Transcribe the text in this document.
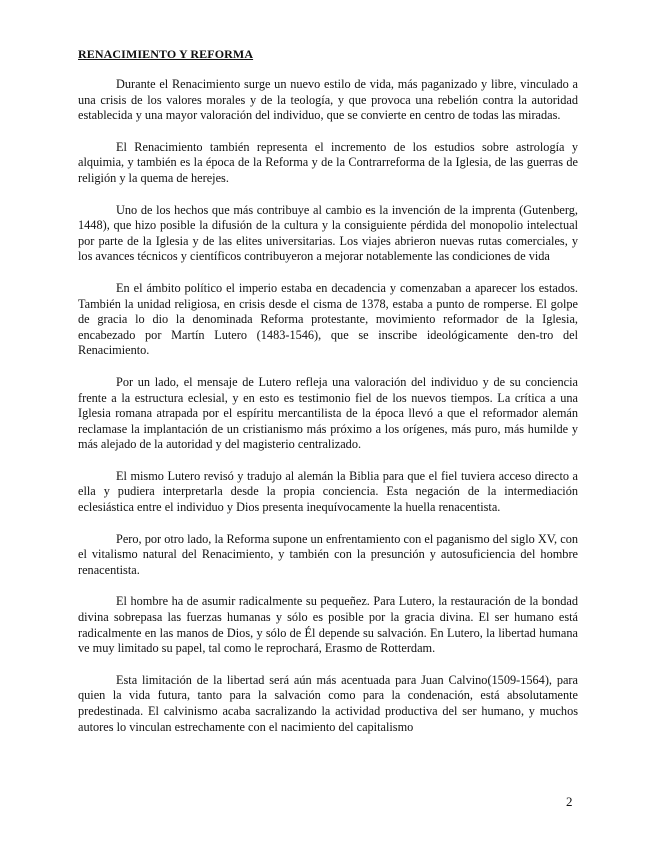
RENACIMIENTO Y REFORMA

Durante el Renacimiento surge un nuevo estilo de vida, más paganizado y libre, vinculado a una crisis de los valores morales y de la teología, y que provoca una rebelión contra la autoridad establecida y una mayor valoración del individuo, que se convierte en centro de todas las miradas.

El Renacimiento también representa el incremento de los estudios sobre astrología y alquimia, y también es la época de la Reforma y de la Contrarreforma de la Iglesia, de las guerras de religión y la quema de herejes.

Uno de los hechos que más contribuye al cambio es la invención de la imprenta (Gutenberg, 1448), que hizo posible la difusión de la cultura y la consiguiente pérdida del monopolio intelectual por parte de la Iglesia y de las elites universitarias. Los viajes abrieron nuevas rutas comerciales, y los avances técnicos y científicos contribuyeron a mejorar notablemente las condiciones de vida

En el ámbito político el imperio estaba en decadencia y comenzaban a aparecer los estados. También la unidad religiosa, en crisis desde el cisma de 1378, estaba a punto de romperse. El golpe de gracia lo dio la denominada Reforma protestante, movimiento reformador de la Iglesia, encabezado por Martín Lutero (1483-1546), que se inscribe ideológicamente den-tro del Renacimiento.

Por un lado, el mensaje de Lutero refleja una valoración del individuo y de su conciencia frente a la estructura eclesial, y en esto es testimonio fiel de los nuevos tiempos. La crítica a una Iglesia romana atrapada por el espíritu mercantilista de la época llevó a que el reformador alemán reclamase la implantación de un cristianismo más próximo a los orígenes, más puro, más humilde y más alejado de la autoridad y del magisterio centralizado.

El mismo Lutero revisó y tradujo al alemán la Biblia para que el fiel tuviera acceso directo a ella y pudiera interpretarla desde la propia conciencia. Esta negación de la intermediación eclesiástica entre el individuo y Dios presenta inequívocamente la huella renacentista.

Pero, por otro lado, la Reforma supone un enfrentamiento con el paganismo del siglo XV, con el vitalismo natural del Renacimiento, y también con la presunción y autosuficiencia del hombre renacentista.

El hombre ha de asumir radicalmente su pequeñez. Para Lutero, la restauración de la bondad divina sobrepasa las fuerzas humanas y sólo es posible por la gracia divina. El ser humano está radicalmente en las manos de Dios, y sólo de Él depende su salvación. En Lutero, la libertad humana ve muy limitado su papel, tal como le reprochará, Erasmo de Rotterdam.

Esta limitación de la libertad será aún más acentuada para Juan Calvino(1509-1564), para quien la vida futura, tanto para la salvación como para la condenación, está absolutamente predestinada. El calvinismo acaba sacralizando la actividad productiva del ser humano, y muchos autores lo vinculan estrechamente con el nacimiento del capitalismo

2
